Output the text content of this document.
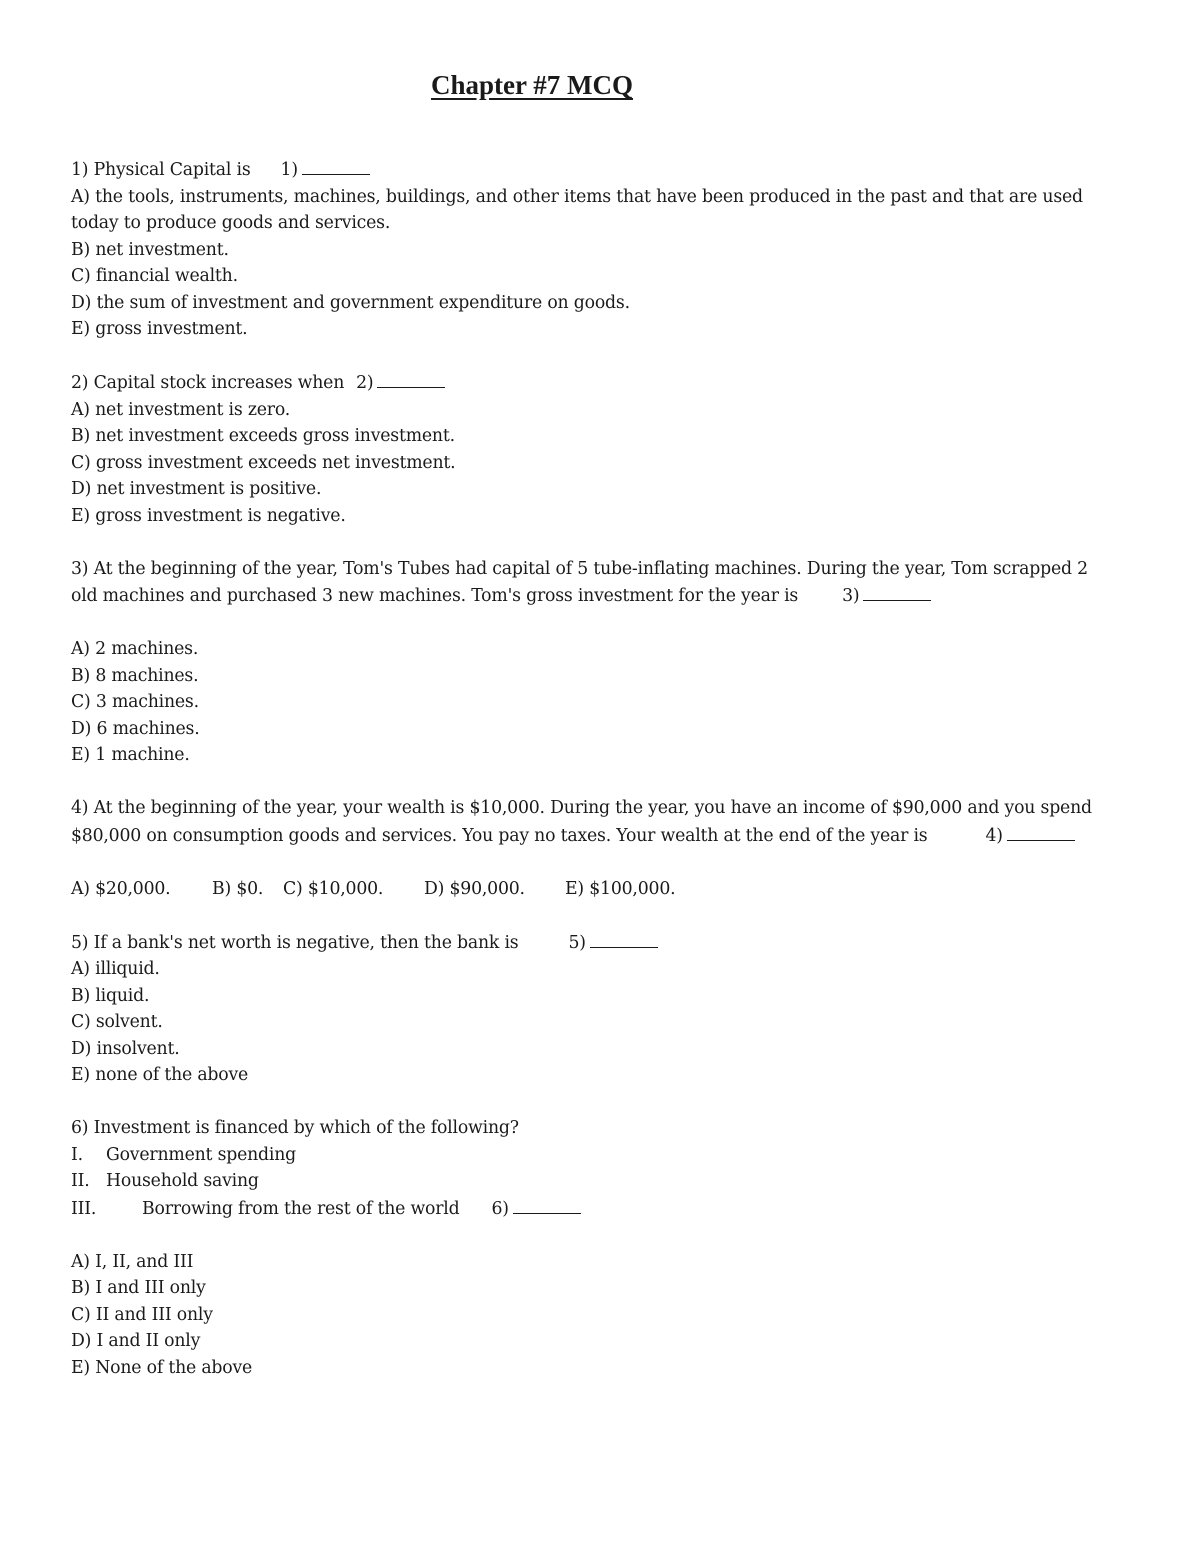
Chapter #7 MCQ
1) Physical Capital is 1)
A) the tools, instruments, machines, buildings, and other items that have been produced in the past and that are used today to produce goods and services.
B) net investment.
C) financial wealth.
D) the sum of investment and government expenditure on goods.
E) gross investment.
2) Capital stock increases when 2)
A) net investment is zero.
B) net investment exceeds gross investment.
C) gross investment exceeds net investment.
D) net investment is positive.
E) gross investment is negative.
3) At the beginning of the year, Tom's Tubes had capital of 5 tube-inflating machines. During the year, Tom scrapped 2 old machines and purchased 3 new machines. Tom's gross investment for the year is	3)
A) 2 machines.
B) 8 machines.
C) 3 machines.
D) 6 machines.
E) 1 machine.
4) At the beginning of the year, your wealth is $10,000. During the year, you have an income of $90,000 and you spend $80,000 on consumption goods and services. You pay no taxes. Your wealth at the end of the year is	4)
A) $20,000. B) $0. C) $10,000. D) $90,000. E) $100,000.
5) If a bank's net worth is negative, then the bank is	5)
A) illiquid.
B) liquid.
C) solvent.
D) insolvent.
E) none of the above
6) Investment is financed by which of the following?
I. Government spending
II. Household saving
III.	Borrowing from the rest of the world 6)
A) I, II, and III
B) I and III only
C) II and III only
D) I and II only
E) None of the above
